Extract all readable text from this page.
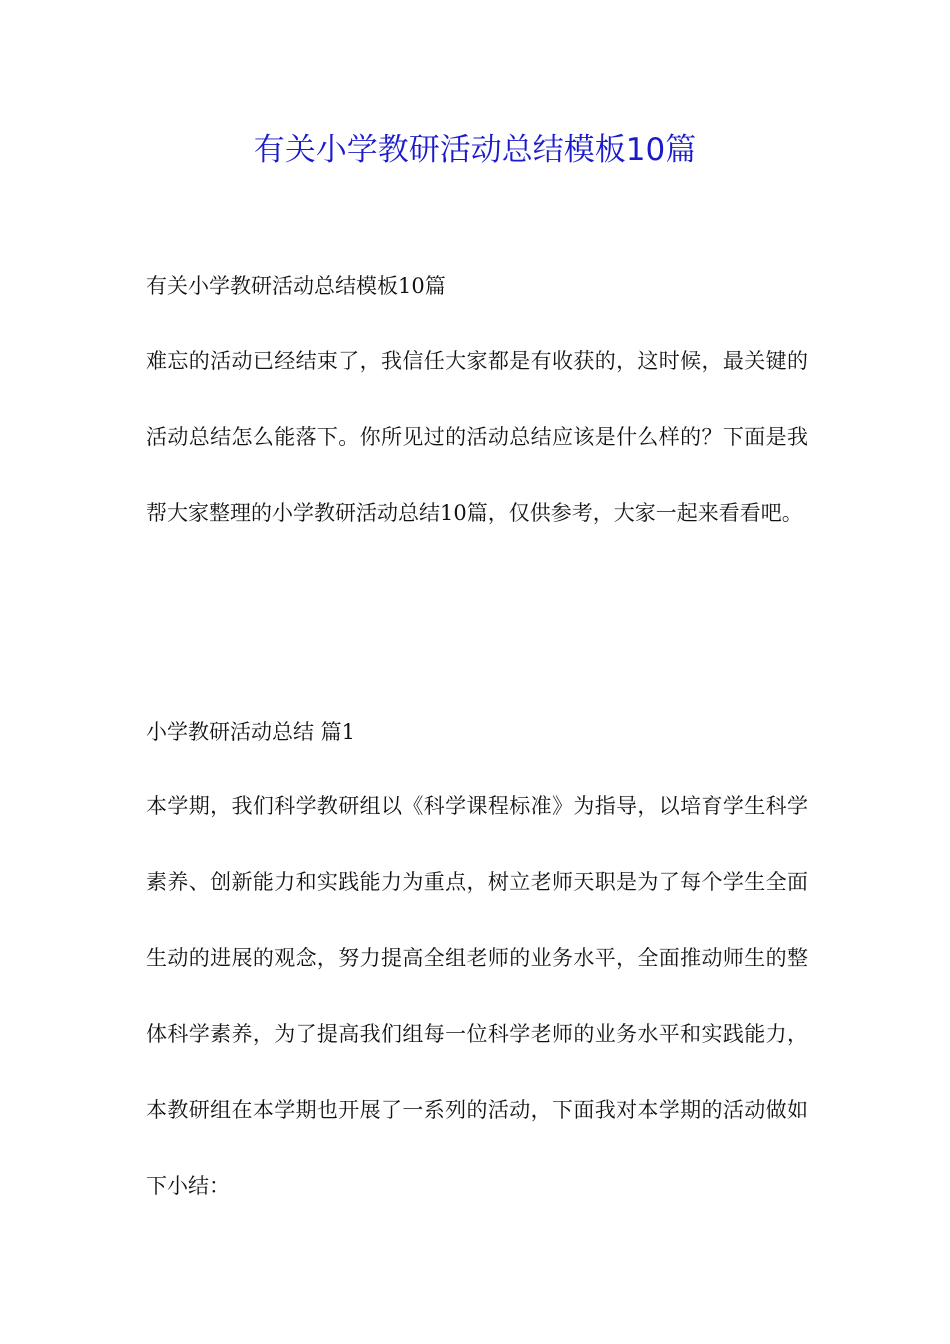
有关小学教研活动总结模板10篇

有关小学教研活动总结模板10篇

难忘的活动已经结束了，我信任大家都是有收获的，这时候，最关键的活动总结怎么能落下。你所见过的活动总结应该是什么样的？下面是我帮大家整理的小学教研活动总结10篇，仅供参考，大家一起来看看吧。

小学教研活动总结 篇1

本学期，我们科学教研组以《科学课程标准》为指导，以培育学生科学素养、创新能力和实践能力为重点，树立老师天职是为了每个学生全面生动的进展的观念，努力提高全组老师的业务水平，全面推动师生的整体科学素养，为了提高我们组每一位科学老师的业务水平和实践能力，本教研组在本学期也开展了一系列的活动，下面我对本学期的活动做如下小结：
